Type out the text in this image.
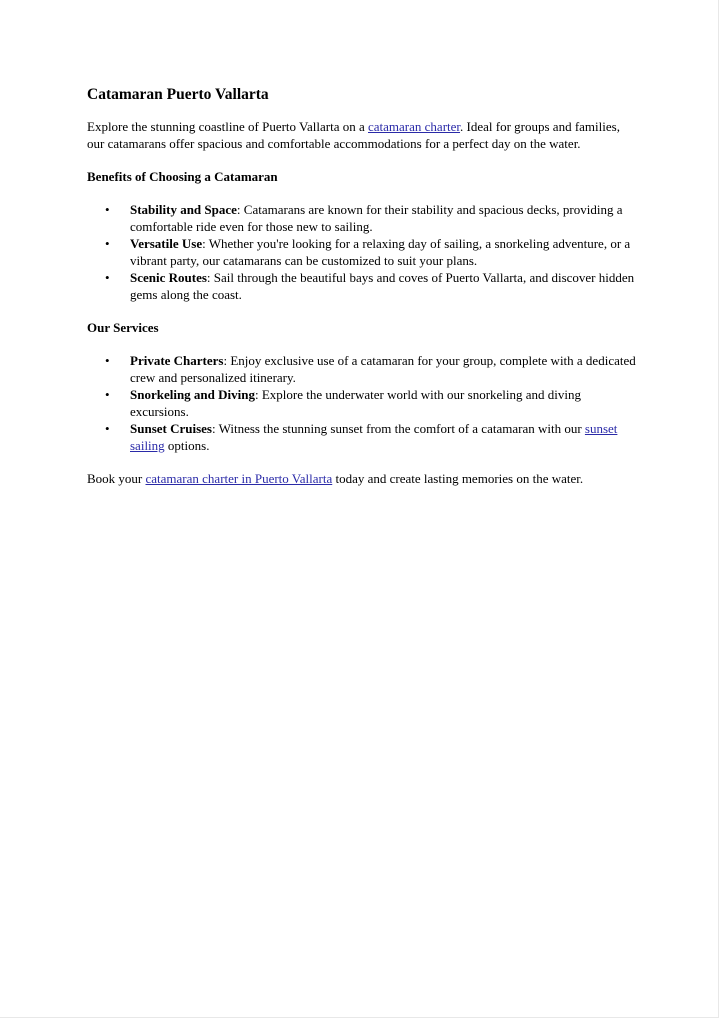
Catamaran Puerto Vallarta

Explore the stunning coastline of Puerto Vallarta on a catamaran charter. Ideal for groups and families, our catamarans offer spacious and comfortable accommodations for a perfect day on the water.

Benefits of Choosing a Catamaran
•	Stability and Space: Catamarans are known for their stability and spacious decks, providing a comfortable ride even for those new to sailing.
•	Versatile Use: Whether you're looking for a relaxing day of sailing, a snorkeling adventure, or a vibrant party, our catamarans can be customized to suit your plans.
•	Scenic Routes: Sail through the beautiful bays and coves of Puerto Vallarta, and discover hidden gems along the coast.
Our Services
•	Private Charters: Enjoy exclusive use of a catamaran for your group, complete with a dedicated crew and personalized itinerary.
•	Snorkeling and Diving: Explore the underwater world with our snorkeling and diving excursions.
•	Sunset Cruises: Witness the stunning sunset from the comfort of a catamaran with our sunset sailing options.

Book your catamaran charter in Puerto Vallarta today and create lasting memories on the water.
